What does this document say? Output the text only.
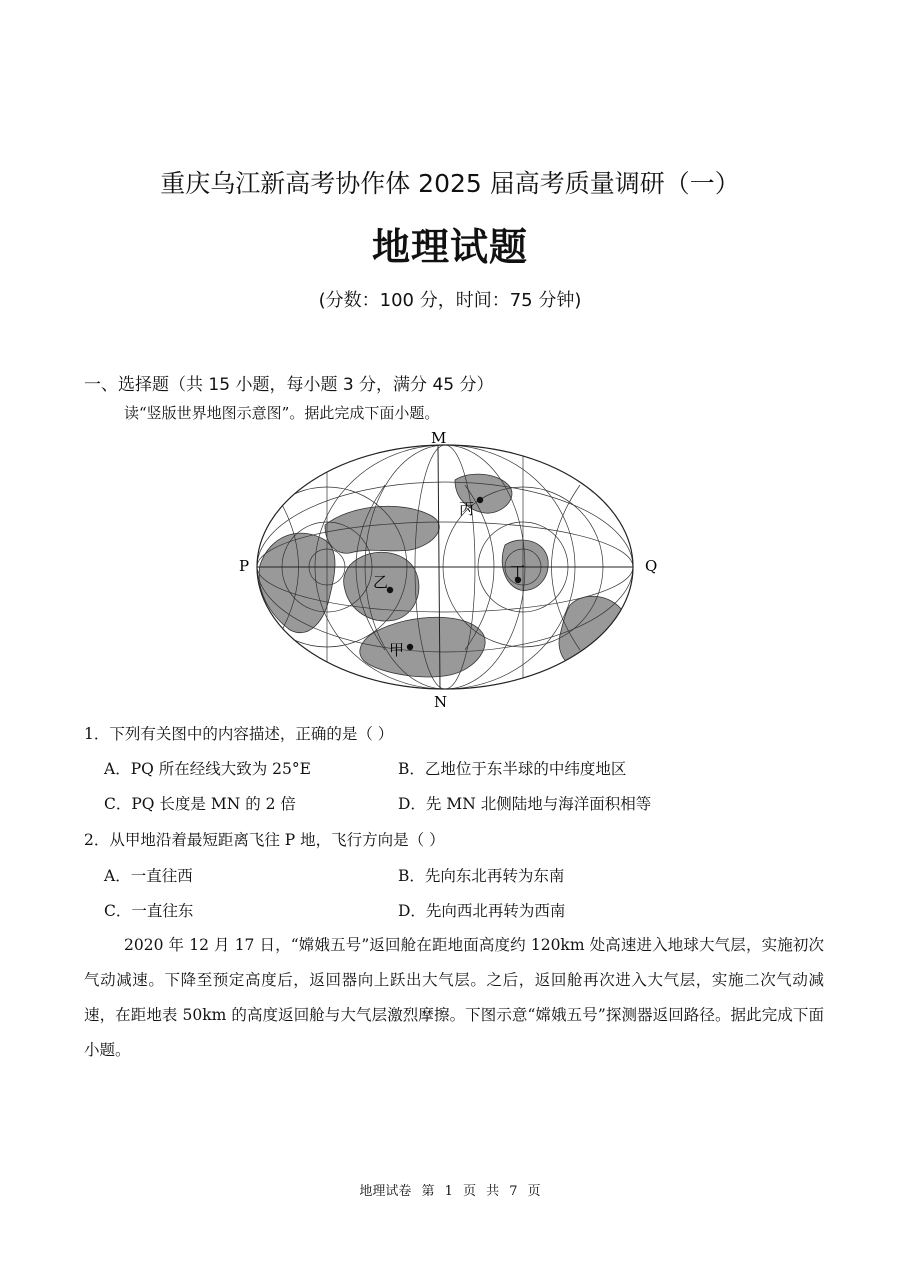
重庆乌江新高考协作体 2025 届高考质量调研（一）
地理试题
(分数：100 分，时间：75 分钟)
一、选择题（共 15 小题，每小题 3 分，满分 45 分）
读“竖版世界地图示意图”。据此完成下面小题。
M
N
P	Q
甲
乙
丙
丁
1．下列有关图中的内容描述，正确的是（ ）
A．PQ 所在经线大致为 25°E	B．乙地位于东半球的中纬度地区
C．PQ 长度是 MN 的 2 倍	D．先 MN 北侧陆地与海洋面积相等
2．从甲地沿着最短距离飞往 P 地，飞行方向是（ ）
A．一直往西	B．先向东北再转为东南
C．一直往东	D．先向西北再转为西南
2020 年 12 月 17 日，“嫦娥五号”返回舱在距地面高度约 120km 处高速进入地球大气层，实施初次气动减速。下降至预定高度后，返回器向上跃出大气层。之后，返回舱再次进入大气层，实施二次气动减速，在距地表 50km 的高度返回舱与大气层激烈摩擦。下图示意“嫦娥五号”探测器返回路径。据此完成下面小题。
地理试卷 第 1 页 共 7 页
